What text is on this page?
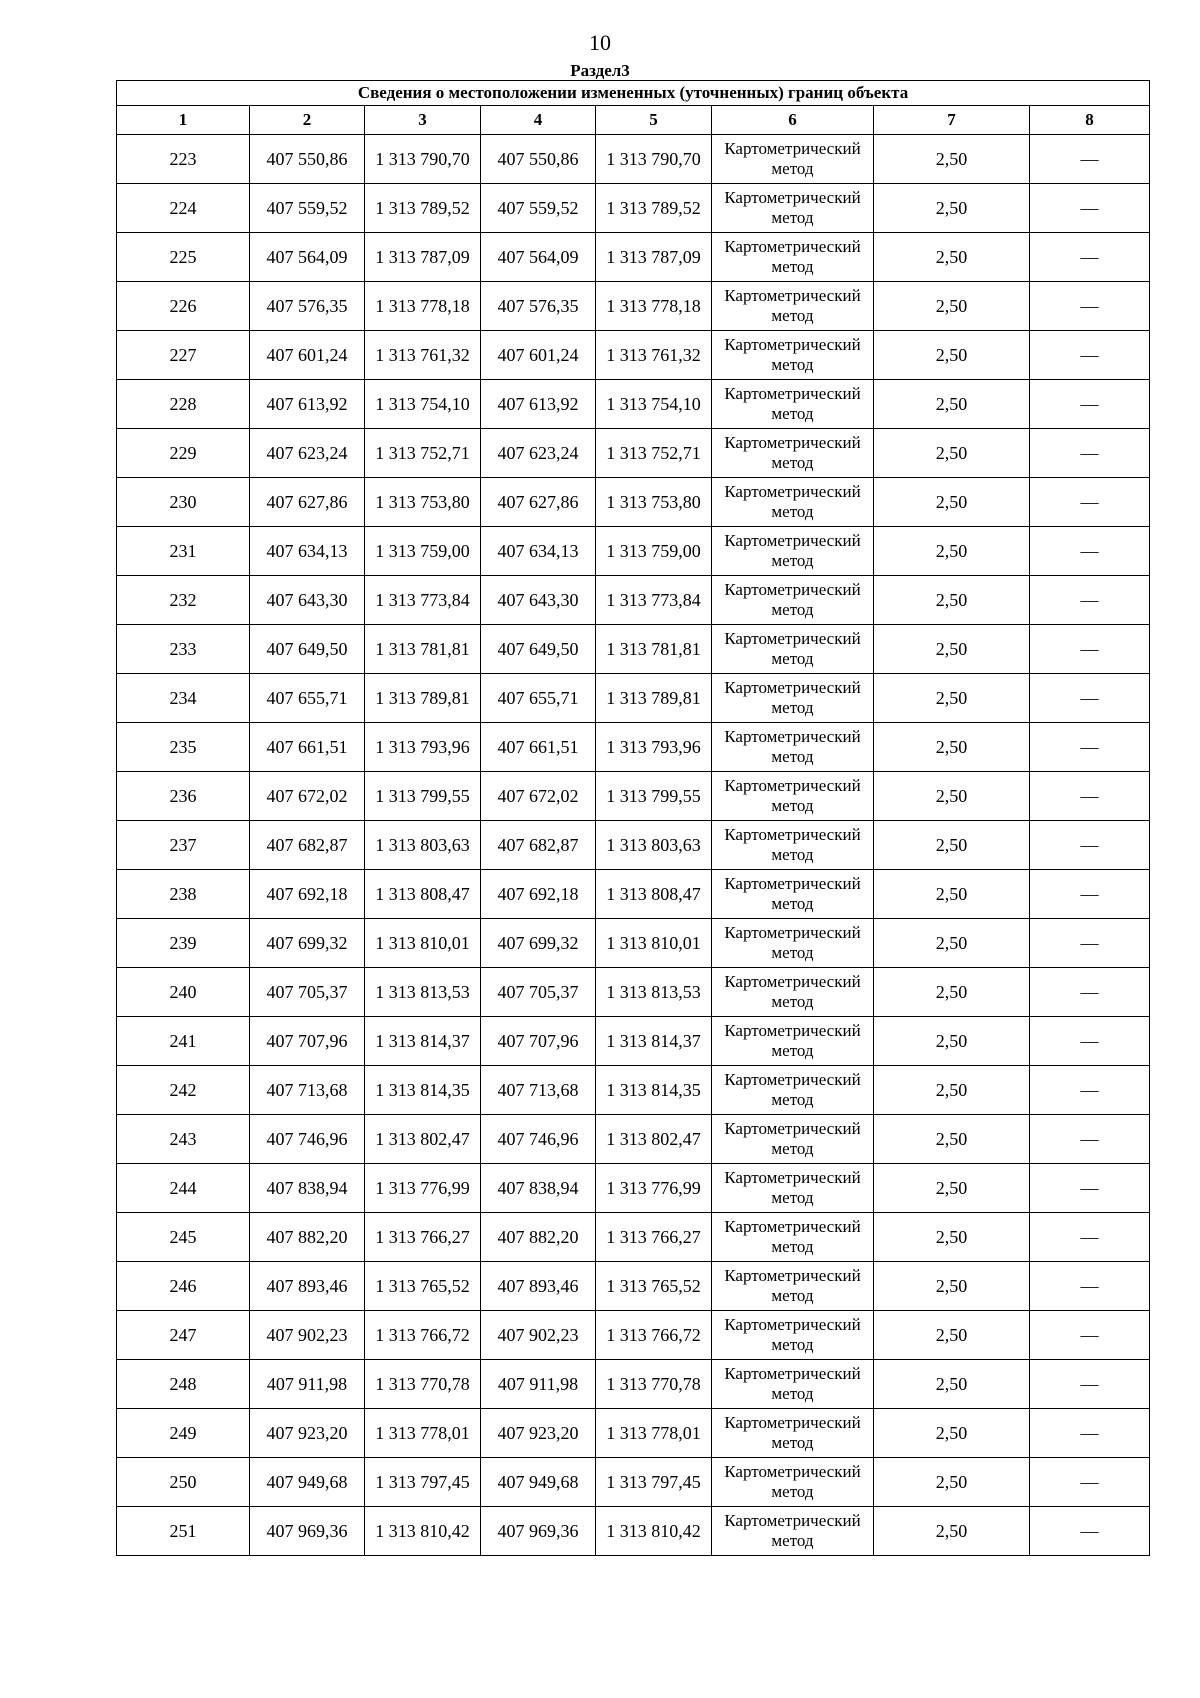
10
Раздел3
Сведения о местоположении измененных (уточненных) границ объекта							
1	2	3	4	5	6	7	8
223	407 550,86	1 313 790,70	407 550,86	1 313 790,70	Картометрический метод	2,50	—
224	407 559,52	1 313 789,52	407 559,52	1 313 789,52	Картометрический метод	2,50	—
225	407 564,09	1 313 787,09	407 564,09	1 313 787,09	Картометрический метод	2,50	—
226	407 576,35	1 313 778,18	407 576,35	1 313 778,18	Картометрический метод	2,50	—
227	407 601,24	1 313 761,32	407 601,24	1 313 761,32	Картометрический метод	2,50	—
228	407 613,92	1 313 754,10	407 613,92	1 313 754,10	Картометрический метод	2,50	—
229	407 623,24	1 313 752,71	407 623,24	1 313 752,71	Картометрический метод	2,50	—
230	407 627,86	1 313 753,80	407 627,86	1 313 753,80	Картометрический метод	2,50	—
231	407 634,13	1 313 759,00	407 634,13	1 313 759,00	Картометрический метод	2,50	—
232	407 643,30	1 313 773,84	407 643,30	1 313 773,84	Картометрический метод	2,50	—
233	407 649,50	1 313 781,81	407 649,50	1 313 781,81	Картометрический метод	2,50	—
234	407 655,71	1 313 789,81	407 655,71	1 313 789,81	Картометрический метод	2,50	—
235	407 661,51	1 313 793,96	407 661,51	1 313 793,96	Картометрический метод	2,50	—
236	407 672,02	1 313 799,55	407 672,02	1 313 799,55	Картометрический метод	2,50	—
237	407 682,87	1 313 803,63	407 682,87	1 313 803,63	Картометрический метод	2,50	—
238	407 692,18	1 313 808,47	407 692,18	1 313 808,47	Картометрический метод	2,50	—
239	407 699,32	1 313 810,01	407 699,32	1 313 810,01	Картометрический метод	2,50	—
240	407 705,37	1 313 813,53	407 705,37	1 313 813,53	Картометрический метод	2,50	—
241	407 707,96	1 313 814,37	407 707,96	1 313 814,37	Картометрический метод	2,50	—
242	407 713,68	1 313 814,35	407 713,68	1 313 814,35	Картометрический метод	2,50	—
243	407 746,96	1 313 802,47	407 746,96	1 313 802,47	Картометрический метод	2,50	—
244	407 838,94	1 313 776,99	407 838,94	1 313 776,99	Картометрический метод	2,50	—
245	407 882,20	1 313 766,27	407 882,20	1 313 766,27	Картометрический метод	2,50	—
246	407 893,46	1 313 765,52	407 893,46	1 313 765,52	Картометрический метод	2,50	—
247	407 902,23	1 313 766,72	407 902,23	1 313 766,72	Картометрический метод	2,50	—
248	407 911,98	1 313 770,78	407 911,98	1 313 770,78	Картометрический метод	2,50	—
249	407 923,20	1 313 778,01	407 923,20	1 313 778,01	Картометрический метод	2,50	—
250	407 949,68	1 313 797,45	407 949,68	1 313 797,45	Картометрический метод	2,50	—
251	407 969,36	1 313 810,42	407 969,36	1 313 810,42	Картометрический метод	2,50	—
